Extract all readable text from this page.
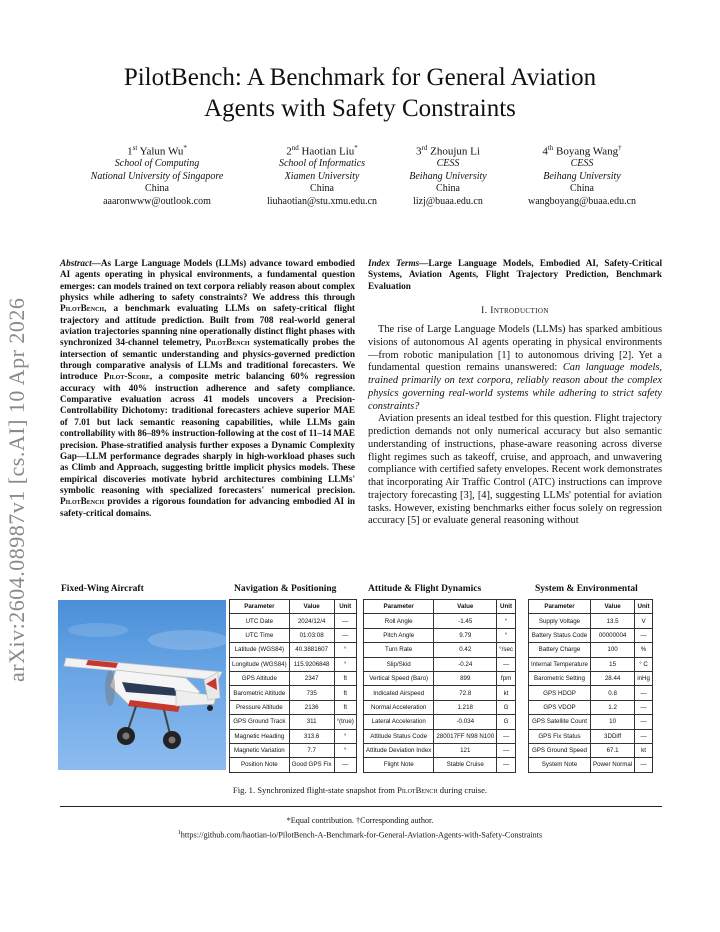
arXiv:2604.08987v1 [cs.AI] 10 Apr 2026
PilotBench: A Benchmark for General Aviation
Agents with Safety Constraints
1st Yalun Wu*
School of Computing
National University of Singapore
China
aaaronwww@outlook.com
2nd Haotian Liu*
School of Informatics
Xiamen University
China
liuhaotian@stu.xmu.edu.cn
3rd Zhoujun Li
CESS
Beihang University
China
lizj@buaa.edu.cn
4th Boyang Wang†
CESS
Beihang University
China
wangboyang@buaa.edu.cn

Abstract—As Large Language Models (LLMs) advance toward embodied AI agents operating in physical environments, a fundamental question emerges: can models trained on text corpora reliably reason about complex physics while adhering to safety constraints? We address this through PilotBench, a benchmark evaluating LLMs on safety-critical flight trajectory and attitude prediction. Built from 708 real-world general aviation trajectories spanning nine operationally distinct flight phases with synchronized 34-channel telemetry, PilotBench systematically probes the intersection of semantic understanding and physics-governed prediction through comparative analysis of LLMs and traditional forecasters. We introduce Pilot-Score, a composite metric balancing 60% regression accuracy with 40% instruction adherence and safety compliance. Comparative evaluation across 41 models uncovers a Precision-Controllability Dichotomy: traditional forecasters achieve superior MAE of 7.01 but lack semantic reasoning capabilities, while LLMs gain controllability with 86–89% instruction-following at the cost of 11–14 MAE precision. Phase-stratified analysis further exposes a Dynamic Complexity Gap—LLM performance degrades sharply in high-workload phases such as Climb and Approach, suggesting brittle implicit physics models. These empirical discoveries motivate hybrid architectures combining LLMs' symbolic reasoning with specialized forecasters' numerical precision. PilotBench provides a rigorous foundation for advancing embodied AI in safety-critical domains.

Index Terms—Large Language Models, Embodied AI, Safety-Critical Systems, Aviation Agents, Flight Trajectory Prediction, Benchmark Evaluation

I. Introduction

The rise of Large Language Models (LLMs) has sparked ambitious visions of autonomous AI agents operating in physical environments—from robotic manipulation [1] to autonomous driving [2]. Yet a fundamental question remains unanswered: Can language models, trained primarily on text corpora, reliably reason about the complex physics governing real-world systems while adhering to strict safety constraints?

Aviation presents an ideal testbed for this question. Flight trajectory prediction demands not only numerical accuracy but also semantic understanding of instructions, phase-aware reasoning across diverse flight regimes such as takeoff, cruise, and approach, and unwavering compliance with certified safety envelopes. Recent work demonstrates that incorporating Air Traffic Control (ATC) instructions can improve trajectory forecasting [3], [4], suggesting LLMs' potential for aviation tasks. However, existing benchmarks either focus solely on regression accuracy [5] or evaluate general reasoning without

Fixed-Wing Aircraft	Navigation & Positioning	Attitude & Flight Dynamics	System & Environmental
Parameter	Value	Unit
UTC Date	2024/12/4	—
UTC Time	01:03:08	—
Latitude (WGS84)	40.3881607	°
Longitude (WGS84)	115.9206848	°
GPS Altitude	2347	ft
Barometric Altitude	735	ft
Pressure Altitude	2136	ft
GPS Ground Track	311	°(true)
Magnetic Heading	313.6	°
Magnetic Variation	7.7	°
Position Note	Good GPS Fix	—
Parameter	Value	Unit
Roll Angle	-1.45	°
Pitch Angle	9.79	°
Turn Rate	0.42	°/sec
Slip/Skid	-0.24	—
Vertical Speed (Baro)	899	fpm
Indicated Airspeed	72.8	kt
Normal Acceleration	1.218	G
Lateral Acceleration	-0.034	G
Attitude Status Code	280017FF N98 N100	—
Attitude Deviation Index	121	—
Flight Note	Stable Cruise	—
Parameter	Value	Unit
Supply Voltage	13.5	V
Battery Status Code	00000004	—
Battery Charge	100	%
Internal Temperature	15	° C
Barometric Setting	28.44	inHg
GPS HDOP	0.8	—
GPS VDOP	1.2	—
GPS Satellite Count	10	—
GPS Fix Status	3DDiff	—
GPS Ground Speed	67.1	kt
System Note	Power Normal	—
Fig. 1. Synchronized flight-state snapshot from PilotBench during cruise.
*Equal contribution. †Corresponding author.
$^1$https://github.com/haotian-io/PilotBench-A-Benchmark-for-General-Aviation-Agents-with-Safety-Constraints
